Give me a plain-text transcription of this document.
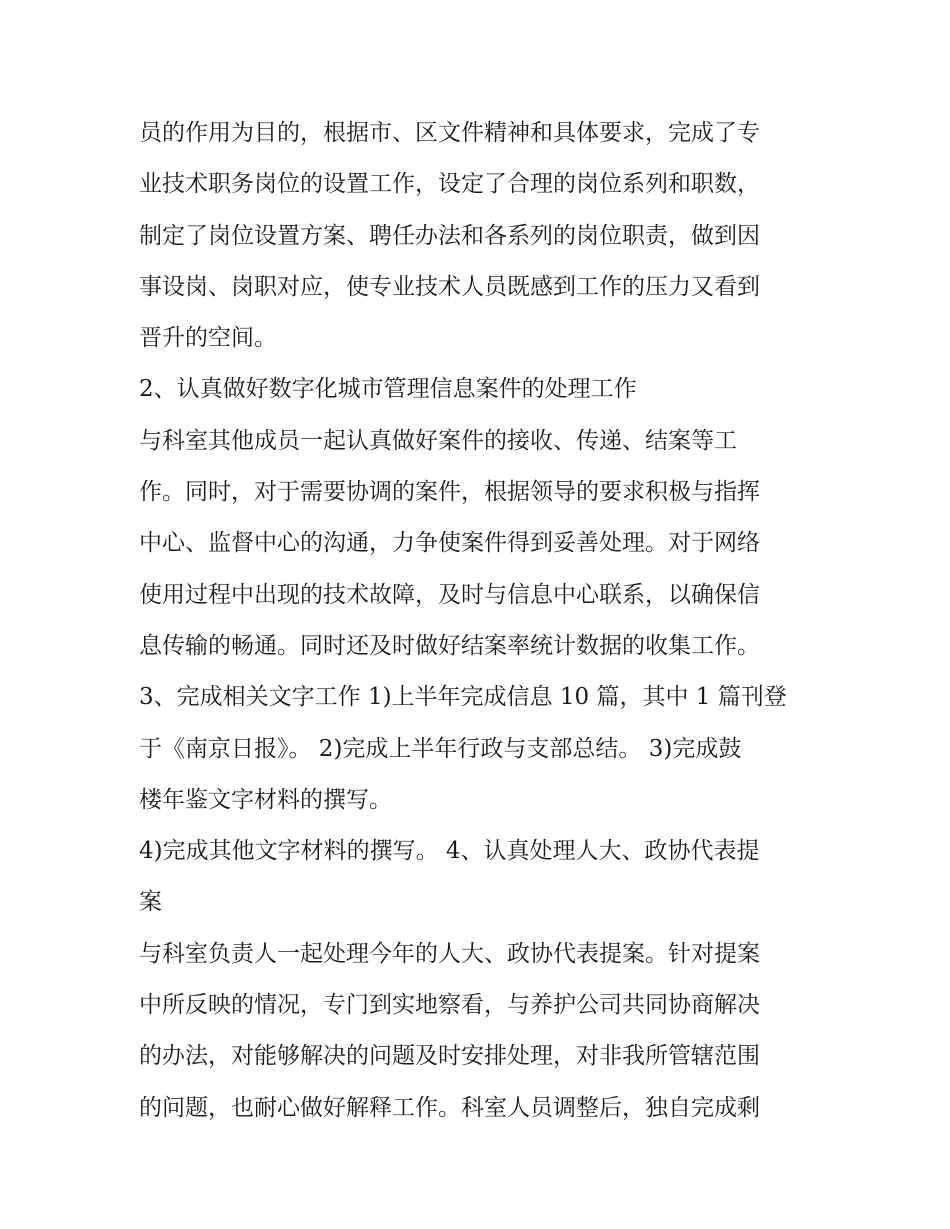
员的作用为目的，根据市、区文件精神和具体要求，完成了专
业技术职务岗位的设置工作，设定了合理的岗位系列和职数，
制定了岗位设置方案、聘任办法和各系列的岗位职责，做到因
事设岗、岗职对应，使专业技术人员既感到工作的压力又看到
晋升的空间。
2、认真做好数字化城市管理信息案件的处理工作
与科室其他成员一起认真做好案件的接收、传递、结案等工
作。同时，对于需要协调的案件，根据领导的要求积极与指挥
中心、监督中心的沟通，力争使案件得到妥善处理。对于网络
使用过程中出现的技术故障，及时与信息中心联系，以确保信
息传输的畅通。同时还及时做好结案率统计数据的收集工作。
3、完成相关文字工作 1)上半年完成信息 10 篇，其中 1 篇刊登
于《南京日报》。 2)完成上半年行政与支部总结。 3)完成鼓
楼年鉴文字材料的撰写。
4)完成其他文字材料的撰写。 4、认真处理人大、政协代表提
案
与科室负责人一起处理今年的人大、政协代表提案。针对提案
中所反映的情况，专门到实地察看，与养护公司共同协商解决
的办法，对能够解决的问题及时安排处理，对非我所管辖范围
的问题，也耐心做好解释工作。科室人员调整后，独自完成剩
